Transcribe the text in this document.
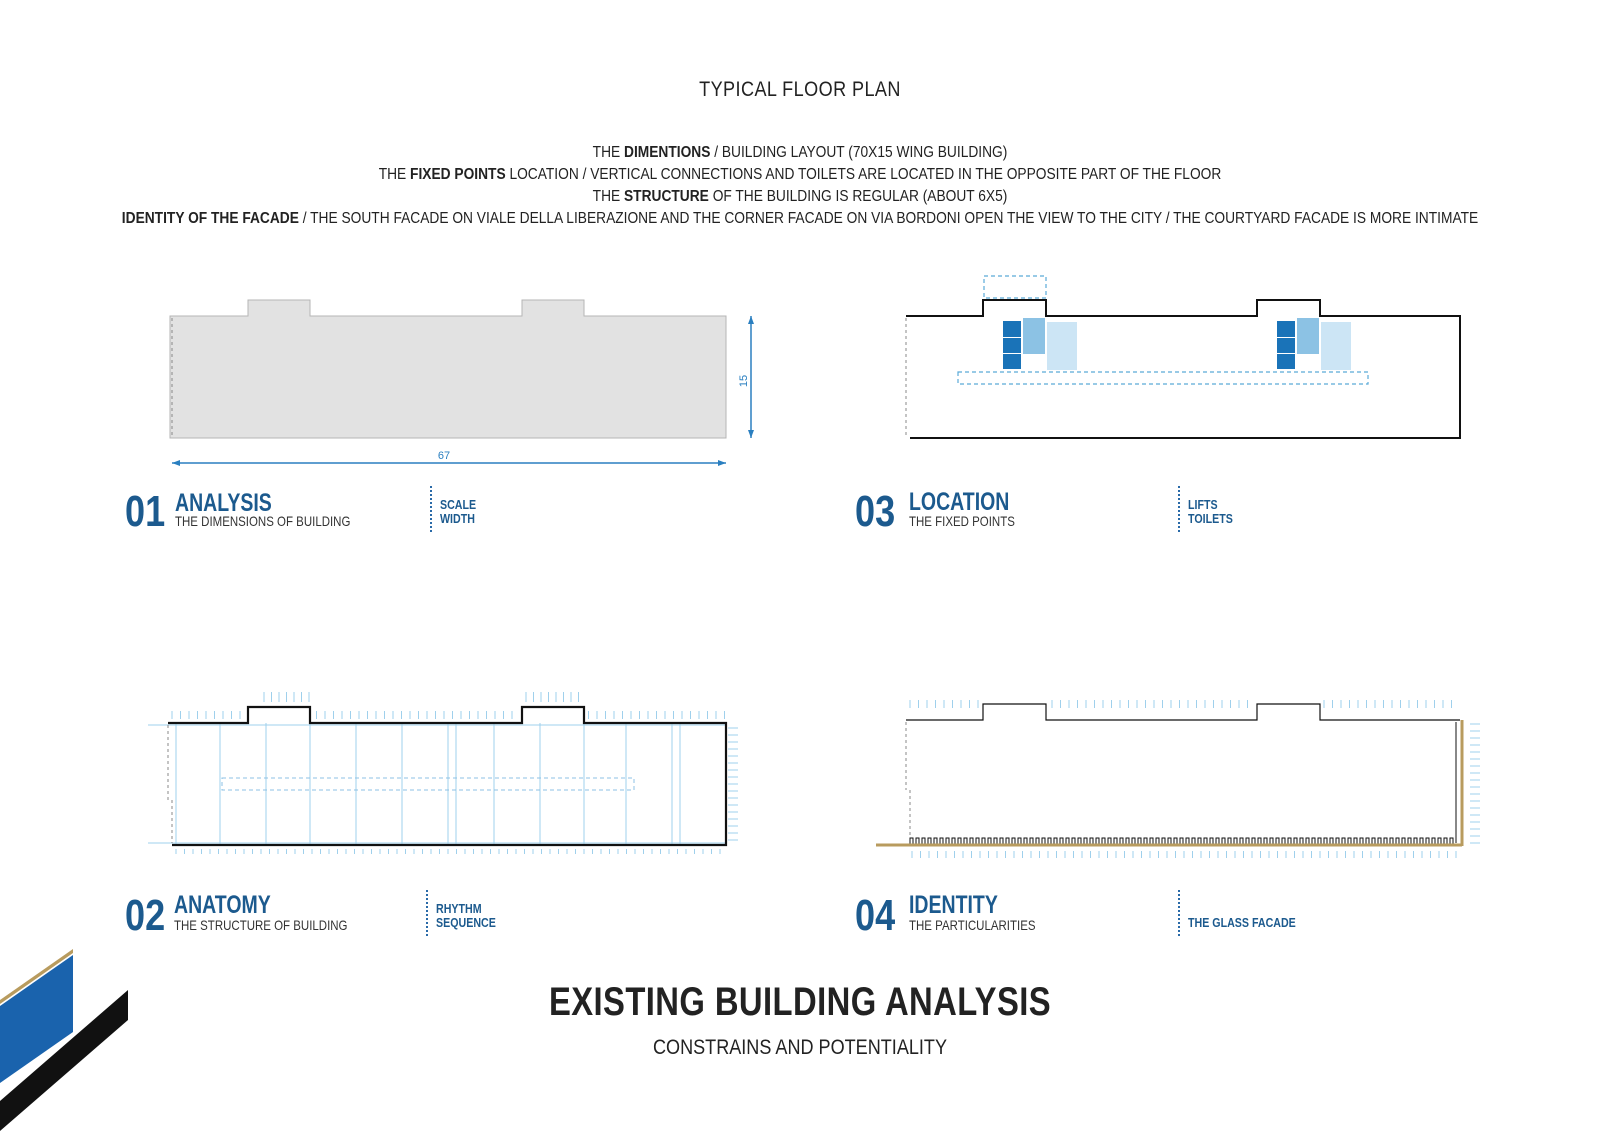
TYPICAL FLOOR PLAN
THE DIMENTIONS / BUILDING LAYOUT (70X15 WING BUILDING)
THE FIXED POINTS LOCATION / VERTICAL CONNECTIONS AND TOILETS ARE LOCATED IN THE OPPOSITE PART OF THE FLOOR
THE STRUCTURE OF THE BUILDING IS REGULAR (ABOUT 6X5)
IDENTITY OF THE FACADE / THE SOUTH FACADE ON VIALE DELLA LIBERAZIONE AND THE CORNER FACADE ON VIA BORDONI OPEN THE VIEW TO THE CITY / THE COURTYARD FACADE IS MORE INTIMATE
67
15
01 ANALYSIS
THE DIMENSIONS OF BUILDING
SCALE
WIDTH	03 LOCATION
THE FIXED POINTS
LIFTS
TOILETS
02 ANATOMY
THE STRUCTURE OF BUILDING
RHYTHM
SEQUENCE	04 IDENTITY
THE PARTICULARITIES	THE GLASS FACADE
EXISTING BUILDING ANALYSIS
CONSTRAINS AND POTENTIALITY
